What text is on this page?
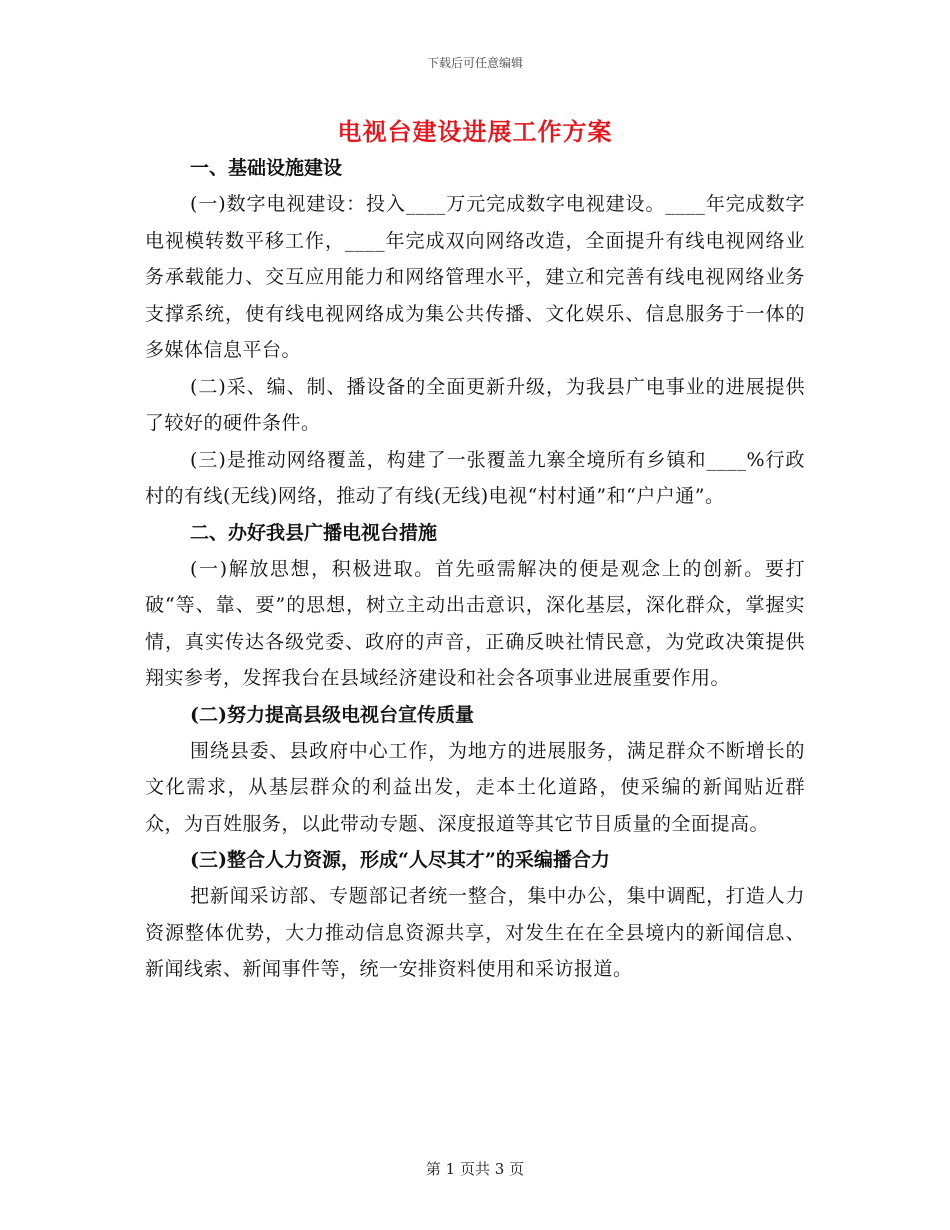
下载后可任意编辑
电视台建设进展工作方案

一、基础设施建设

(一)数字电视建设：投入____万元完成数字电视建设。____年完成数字电视模转数平移工作，____年完成双向网络改造，全面提升有线电视网络业务承载能力、交互应用能力和网络管理水平，建立和完善有线电视网络业务支撑系统，使有线电视网络成为集公共传播、文化娱乐、信息服务于一体的多媒体信息平台。

(二)采、编、制、播设备的全面更新升级，为我县广电事业的进展提供了较好的硬件条件。

(三)是推动网络覆盖，构建了一张覆盖九寨全境所有乡镇和____%行政村的有线(无线)网络，推动了有线(无线)电视“村村通”和“户户通”。

二、办好我县广播电视台措施

(一)解放思想，积极进取。首先亟需解决的便是观念上的创新。要打破“等、靠、要”的思想，树立主动出击意识，深化基层，深化群众，掌握实情，真实传达各级党委、政府的声音，正确反映社情民意，为党政决策提供翔实参考，发挥我台在县域经济建设和社会各项事业进展重要作用。

(二)努力提高县级电视台宣传质量

围绕县委、县政府中心工作，为地方的进展服务，满足群众不断增长的文化需求，从基层群众的利益出发，走本土化道路，使采编的新闻贴近群众，为百姓服务，以此带动专题、深度报道等其它节目质量的全面提高。

(三)整合人力资源，形成“人尽其才”的采编播合力

把新闻采访部、专题部记者统一整合，集中办公，集中调配，打造人力资源整体优势，大力推动信息资源共享，对发生在在全县境内的新闻信息、新闻线索、新闻事件等，统一安排资料使用和采访报道。

第 1 页共 3 页
